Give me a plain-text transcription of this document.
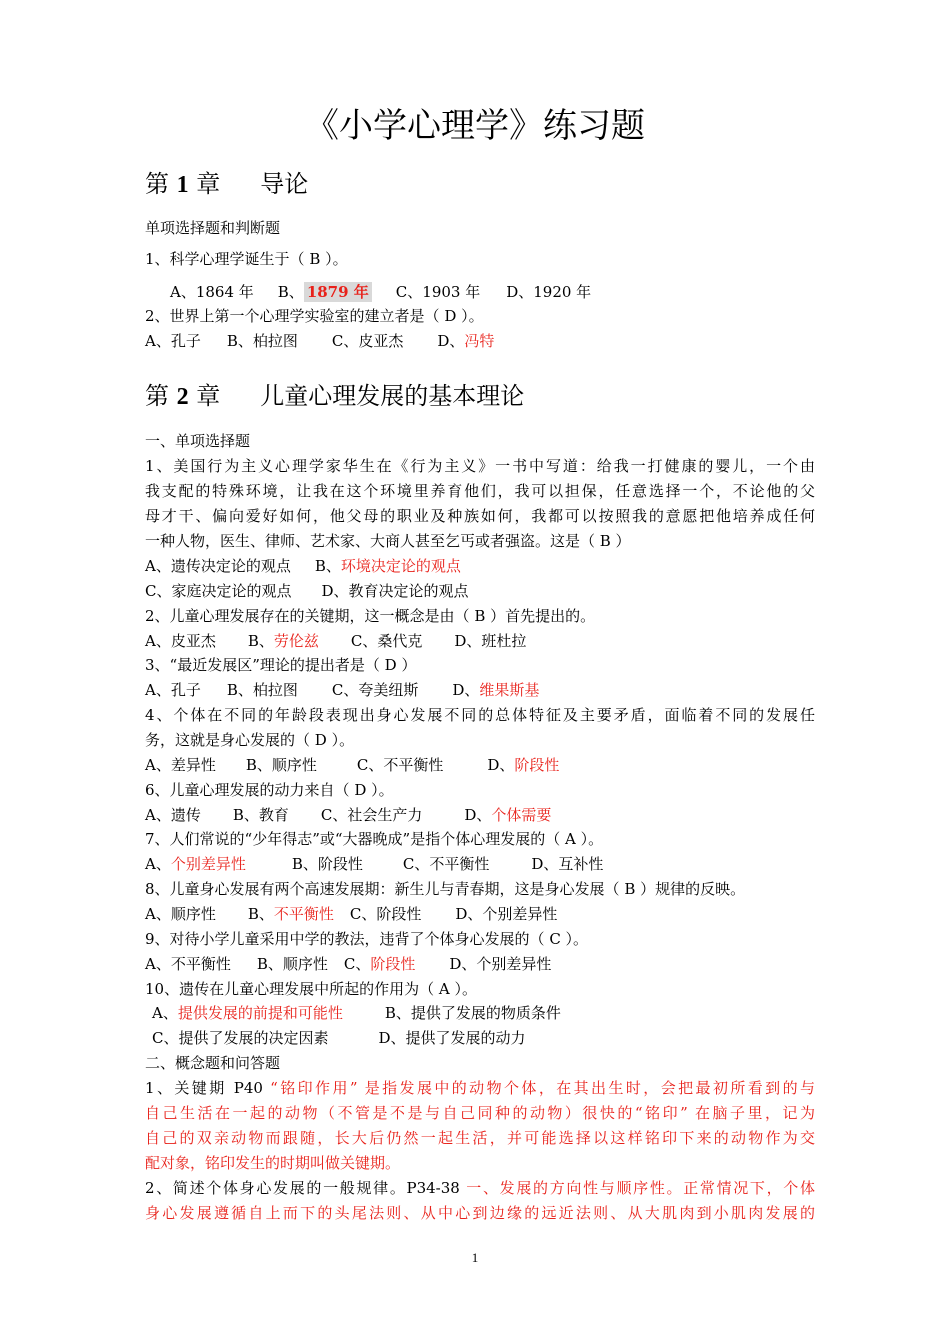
《小学心理学》练习题
第 1 章 导论
单项选择题和判断题
1、科学心理学诞生于（ B ）。
A、1864 年 B、 1879 年 C、1903 年 D、1920 年
2、世界上第一个心理学实验室的建立者是（ D ）。
A、孔子 B、柏拉图 C、皮亚杰 D、冯特
第 2 章 儿童心理发展的基本理论
一、单项选择题
1、美国行为主义心理学家华生在《行为主义》一书中写道：给我一打健康的婴儿，一个由
我支配的特殊环境，让我在这个环境里养育他们，我可以担保，任意选择一个，不论他的父
母才干、偏向爱好如何，他父母的职业及种族如何，我都可以按照我的意愿把他培养成任何
一种人物，医生、律师、艺术家、大商人甚至乞丐或者强盗。这是（ B ）
A、遗传决定论的观点 B、环境决定论的观点
C、家庭决定论的观点 D、教育决定论的观点
2、儿童心理发展存在的关键期，这一概念是由（ B ）首先提出的。
A、皮亚杰 B、劳伦兹 C、桑代克 D、班杜拉
3、“最近发展区”理论的提出者是（ D ）
A、孔子 B、柏拉图 C、夸美纽斯 D、维果斯基
4、个体在不同的年龄段表现出身心发展不同的总体特征及主要矛盾，面临着不同的发展任
务，这就是身心发展的（ D ）。
A、差异性 B、顺序性	C、不平衡性	D、阶段性
6、儿童心理发展的动力来自（ D ）。
A、遗传 B、教育 C、社会生产力	D、个体需要
7、人们常说的“少年得志”或“大器晚成”是指个体心理发展的（ A ）。
A、个别差异性	B、阶段性	C、不平衡性	D、互补性
8、儿童身心发展有两个高速发展期：新生儿与青春期，这是身心发展（ B ）规律的反映。
A、顺序性 B、不平衡性 C、阶段性 D、个别差异性
9、对待小学儿童采用中学的教法，违背了个体身心发展的（ C ）。
A、不平衡性 B、顺序性 C、阶段性 D、个别差异性
10、遗传在儿童心理发展中所起的作用为（ A ）。
A、提供发展的前提和可能性	B、提供了发展的物质条件
C、提供了发展的决定因素	D、提供了发展的动力
二、概念题和问答题
1、关键期 P40 “铭印作用” 是指发展中的动物个体，在其出生时，会把最初所看到的与
自己生活在一起的动物（不管是不是与自己同种的动物）很快的“铭印” 在脑子里，记为
自己的双亲动物而跟随，长大后仍然一起生活，并可能选择以这样铭印下来的动物作为交
配对象，铭印发生的时期叫做关键期。
2、简述个体身心发展的一般规律。P34-38 一、发展的方向性与顺序性。正常情况下，个体
身心发展遵循自上而下的头尾法则、从中心到边缘的远近法则、从大肌肉到小肌肉发展的
1
